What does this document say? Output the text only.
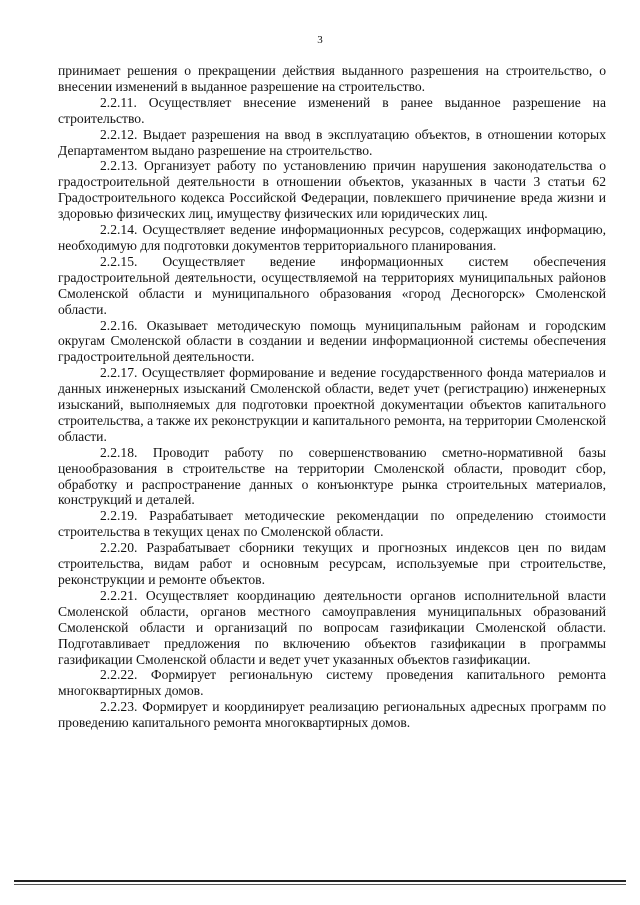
3

принимает решения о прекращении действия выданного разрешения на строительство, о внесении изменений в выданное разрешение на строительство.

2.2.11. Осуществляет внесение изменений в ранее выданное разрешение на строительство.

2.2.12. Выдает разрешения на ввод в эксплуатацию объектов, в отношении которых Департаментом выдано разрешение на строительство.

2.2.13. Организует работу по установлению причин нарушения законодательства о градостроительной деятельности в отношении объектов, указанных в части 3 статьи 62 Градостроительного кодекса Российской Федерации, повлекшего причинение вреда жизни и здоровью физических лиц, имуществу физических или юридических лиц.

2.2.14. Осуществляет ведение информационных ресурсов, содержащих информацию, необходимую для подготовки документов территориального планирования.

2.2.15. Осуществляет ведение информационных систем обеспечения градостроительной деятельности, осуществляемой на территориях муниципальных районов Смоленской области и муниципального образования «город Десногорск» Смоленской области.

2.2.16. Оказывает методическую помощь муниципальным районам и городским округам Смоленской области в создании и ведении информационной системы обеспечения градостроительной деятельности.

2.2.17. Осуществляет формирование и ведение государственного фонда материалов и данных инженерных изысканий Смоленской области, ведет учет (регистрацию) инженерных изысканий, выполняемых для подготовки проектной документации объектов капитального строительства, а также их реконструкции и капитального ремонта, на территории Смоленской области.

2.2.18. Проводит работу по совершенствованию сметно-нормативной базы ценообразования в строительстве на территории Смоленской области, проводит сбор, обработку и распространение данных о конъюнктуре рынка строительных материалов, конструкций и деталей.

2.2.19. Разрабатывает методические рекомендации по определению стоимости строительства в текущих ценах по Смоленской области.

2.2.20. Разрабатывает сборники текущих и прогнозных индексов цен по видам строительства, видам работ и основным ресурсам, используемые при строительстве, реконструкции и ремонте объектов.

2.2.21. Осуществляет координацию деятельности органов исполнительной власти Смоленской области, органов местного самоуправления муниципальных образований Смоленской области и организаций по вопросам газификации Смоленской области. Подготавливает предложения по включению объектов газификации в программы газификации Смоленской области и ведет учет указанных объектов газификации.

2.2.22. Формирует региональную систему проведения капитального ремонта многоквартирных домов.

2.2.23. Формирует и координирует реализацию региональных адресных программ по проведению капитального ремонта многоквартирных домов.
